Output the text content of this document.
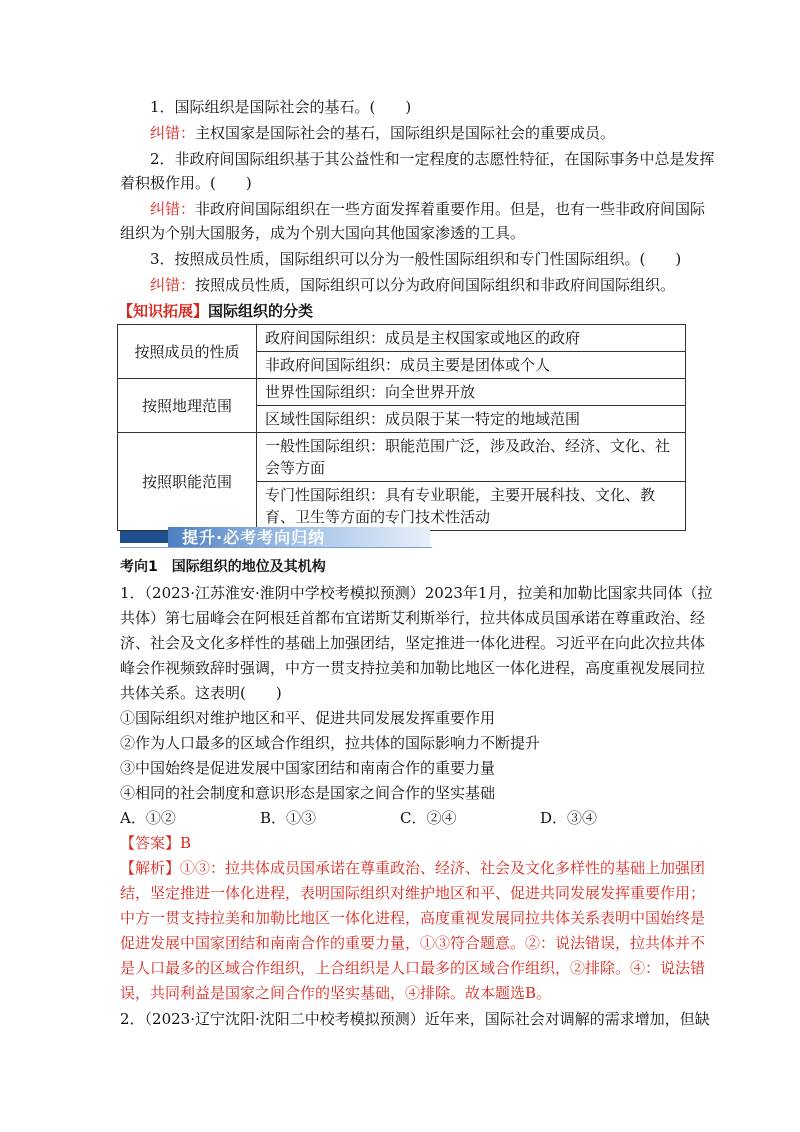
1．国际组织是国际社会的基石。(　　)
纠错：主权国家是国际社会的基石，国际组织是国际社会的重要成员。
2．非政府间国际组织基于其公益性和一定程度的志愿性特征，在国际事务中总是发挥
着积极作用。(　　)
纠错：非政府间国际组织在一些方面发挥着重要作用。但是，也有一些非政府间国际
组织为个别大国服务，成为个别大国向其他国家渗透的工具。
3．按照成员性质，国际组织可以分为一般性国际组织和专门性国际组织。(　　)
纠错：按照成员性质，国际组织可以分为政府间国际组织和非政府间国际组织。
【知识拓展】国际组织的分类
按照成员的性质	政府间国际组织：成员是主权国家或地区的政府
	非政府间国际组织：成员主要是团体或个人
按照地理范围	世界性国际组织：向全世界开放
	区域性国际组织：成员限于某一特定的地域范围
按照职能范围	一般性国际组织：职能范围广泛，涉及政治、经济、文化、社会等方面
	专门性国际组织：具有专业职能，主要开展科技、文化、教育、卫生等方面的专门技术性活动
提升·必考考向归纳
考向1　国际组织的地位及其机构
1．（2023·江苏淮安·淮阴中学校考模拟预测）2023年1月，拉美和加勒比国家共同体（拉
共体）第七届峰会在阿根廷首都布宜诺斯艾利斯举行，拉共体成员国承诺在尊重政治、经
济、社会及文化多样性的基础上加强团结，坚定推进一体化进程。习近平在向此次拉共体
峰会作视频致辞时强调，中方一贯支持拉美和加勒比地区一体化进程，高度重视发展同拉
共体关系。这表明(　　)
①国际组织对维护地区和平、促进共同发展发挥重要作用
②作为人口最多的区域合作组织，拉共体的国际影响力不断提升
③中国始终是促进发展中国家团结和南南合作的重要力量
④相同的社会制度和意识形态是国家之间合作的坚实基础
A．①②	B．①③	C．②④	D．③④
【答案】B
【解析】①③：拉共体成员国承诺在尊重政治、经济、社会及文化多样性的基础上加强团
结，坚定推进一体化进程，表明国际组织对维护地区和平、促进共同发展发挥重要作用；
中方一贯支持拉美和加勒比地区一体化进程，高度重视发展同拉共体关系表明中国始终是
促进发展中国家团结和南南合作的重要力量，①③符合题意。②：说法错误，拉共体并不
是人口最多的区域合作组织，上合组织是人口最多的区域合作组织，②排除。④：说法错
误，共同利益是国家之间合作的坚实基础，④排除。故本题选B。
2．（2023·辽宁沈阳·沈阳二中校考模拟预测）近年来，国际社会对调解的需求增加，但缺
